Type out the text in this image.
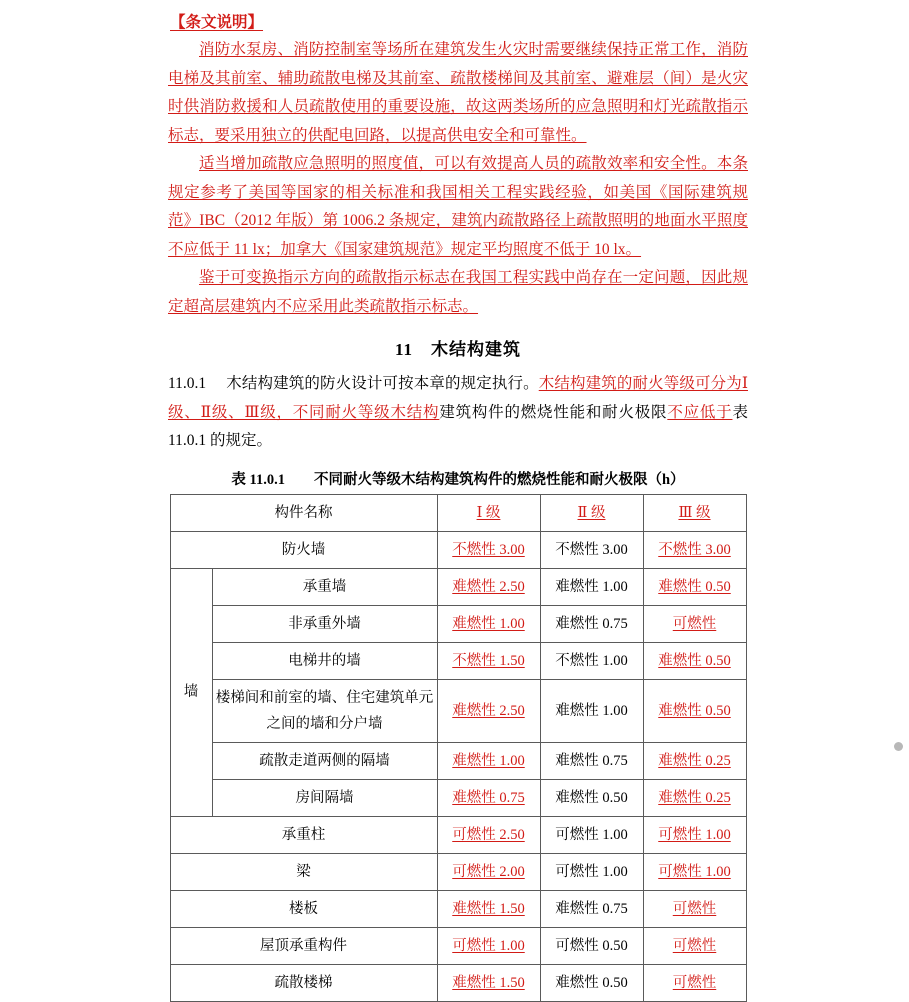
【条文说明】

消防水泵房、消防控制室等场所在建筑发生火灾时需要继续保持正常工作，消防电梯及其前室、辅助疏散电梯及其前室、疏散楼梯间及其前室、避难层（间）是火灾时供消防救援和人员疏散使用的重要设施，故这两类场所的应急照明和灯光疏散指示标志，要采用独立的供配电回路，以提高供电安全和可靠性。

适当增加疏散应急照明的照度值，可以有效提高人员的疏散效率和安全性。本条规定参考了美国等国家的相关标准和我国相关工程实践经验，如美国《国际建筑规范》IBC（2012 年版）第 1006.2 条规定，建筑内疏散路径上疏散照明的地面水平照度不应低于 11 lx；加拿大《国家建筑规范》规定平均照度不低于 10 lx。

鉴于可变换指示方向的疏散指示标志在我国工程实践中尚存在一定问题，因此规定超高层建筑内不应采用此类疏散指示标志。

11　木结构建筑

11.0.1 木结构建筑的防火设计可按本章的规定执行。木结构建筑的耐火等级可分为Ⅰ级、Ⅱ级、Ⅲ级，不同耐火等级木结构建筑构件的燃烧性能和耐火极限不应低于表 11.0.1 的规定。

表 11.0.1　　不同耐火等级木结构建筑构件的燃烧性能和耐火极限（h）
构件名称		Ⅰ 级	Ⅱ 级	Ⅲ 级
防火墙		不燃性 3.00	不燃性 3.00	不燃性 3.00
墙	承重墙	难燃性 2.50	难燃性 1.00	难燃性 0.50
	非承重外墙	难燃性 1.00	难燃性 0.75	可燃性
	电梯井的墙	不燃性 1.50	不燃性 1.00	难燃性 0.50
	楼梯间和前室的墙、住宅建筑单元之间的墙和分户墙	难燃性 2.50	难燃性 1.00	难燃性 0.50
	疏散走道两侧的隔墙	难燃性 1.00	难燃性 0.75	难燃性 0.25
	房间隔墙	难燃性 0.75	难燃性 0.50	难燃性 0.25
承重柱		可燃性 2.50	可燃性 1.00	可燃性 1.00
梁		可燃性 2.00	可燃性 1.00	可燃性 1.00
楼板		难燃性 1.50	难燃性 0.75	可燃性
屋顶承重构件		可燃性 1.00	可燃性 0.50	可燃性
疏散楼梯		难燃性 1.50	难燃性 0.50	可燃性
